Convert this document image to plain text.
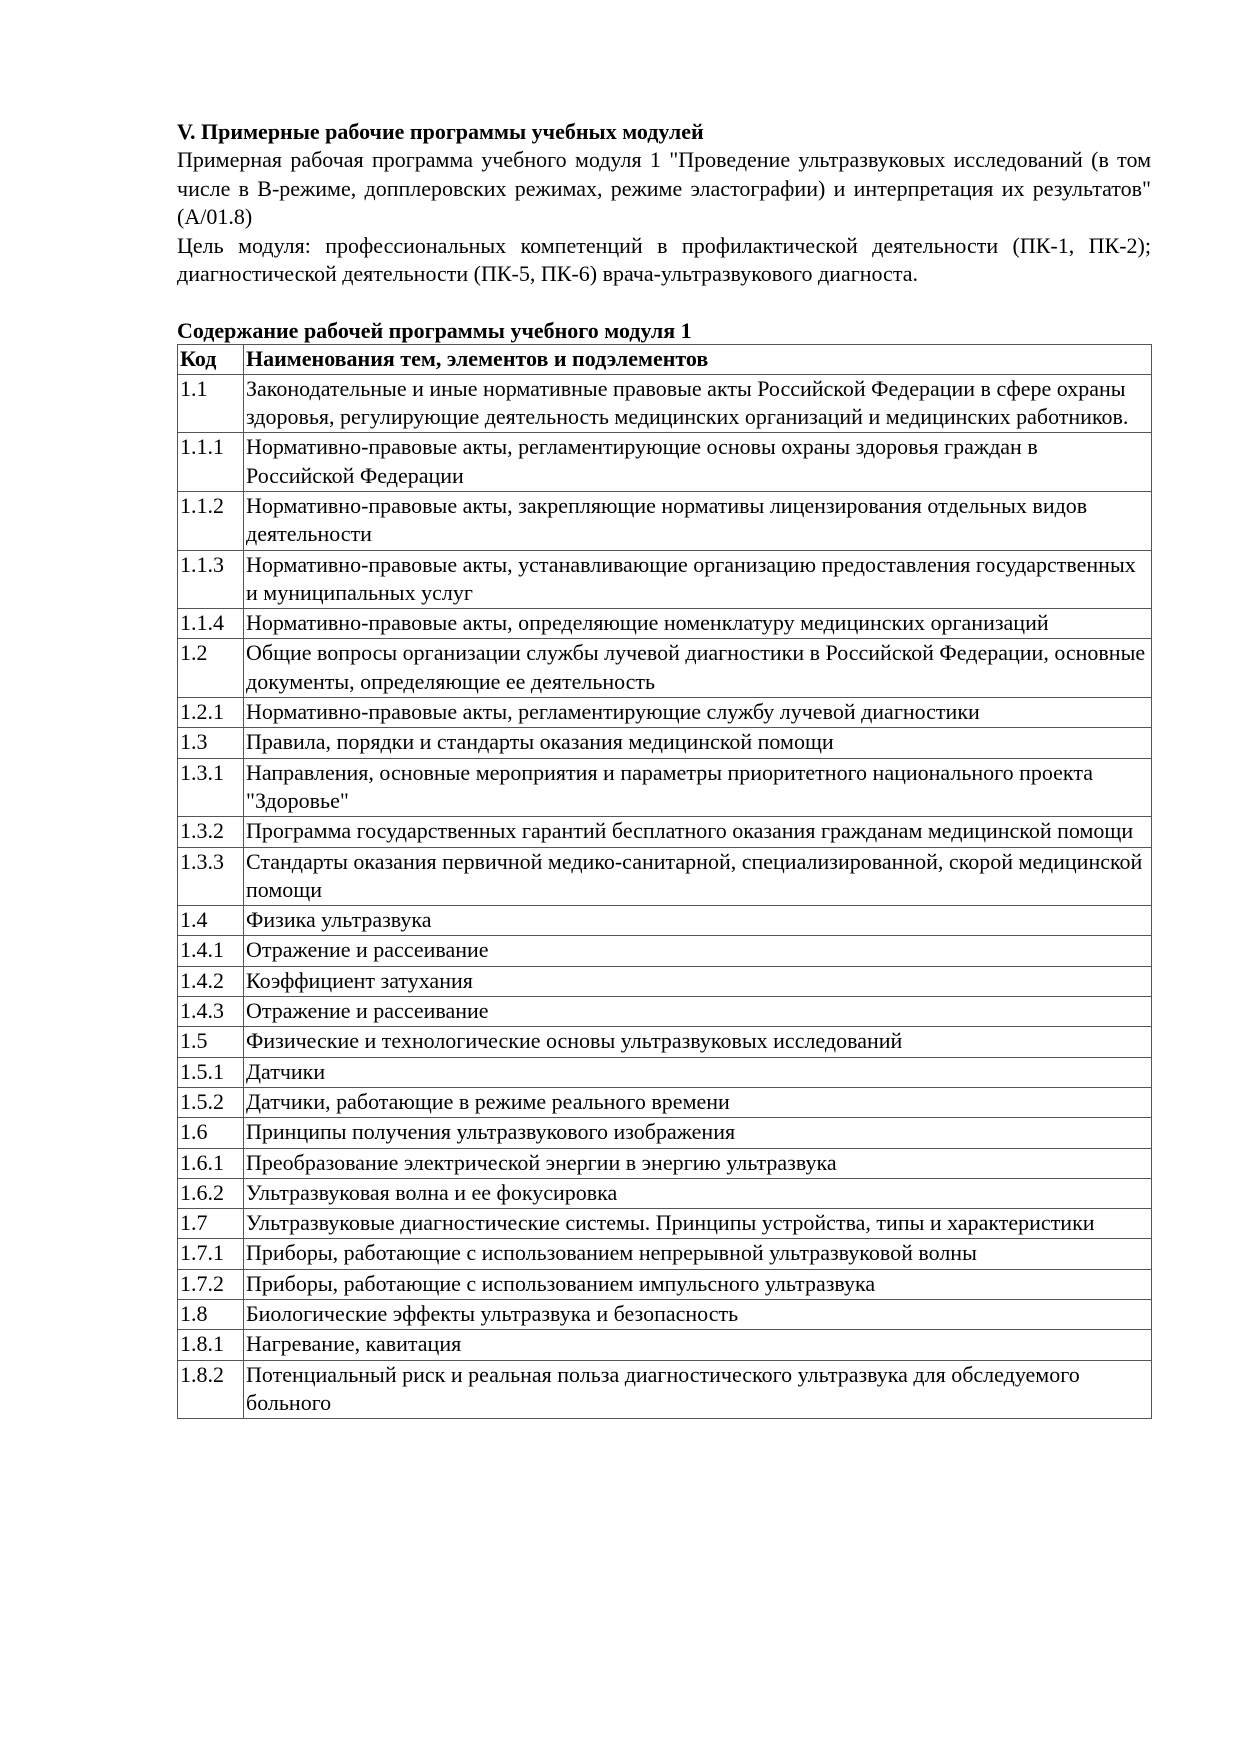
V. Примерные рабочие программы учебных модулей

Примерная рабочая программа учебного модуля 1 "Проведение ультразвуковых исследований (в том числе в В-режиме, допплеровских режимах, режиме эластографии) и интерпретация их результатов" (А/01.8)

Цель модуля: профессиональных компетенций в профилактической деятельности (ПК-1, ПК-2); диагностической деятельности (ПК-5, ПК-6) врача-ультразвукового диагноста.

Содержание рабочей программы учебного модуля 1

Код	Наименования тем, элементов и подэлементов
1.1	Законодательные и иные нормативные правовые акты Российской Федерации в сфере охраны здоровья, регулирующие деятельность медицинских организаций и медицинских работников.
1.1.1	Нормативно-правовые акты, регламентирующие основы охраны здоровья граждан в Российской Федерации
1.1.2	Нормативно-правовые акты, закрепляющие нормативы лицензирования отдельных видов деятельности
1.1.3	Нормативно-правовые акты, устанавливающие организацию предоставления государственных и муниципальных услуг
1.1.4	Нормативно-правовые акты, определяющие номенклатуру медицинских организаций
1.2	Общие вопросы организации службы лучевой диагностики в Российской Федерации, основные документы, определяющие ее деятельность
1.2.1	Нормативно-правовые акты, регламентирующие службу лучевой диагностики
1.3	Правила, порядки и стандарты оказания медицинской помощи
1.3.1	Направления, основные мероприятия и параметры приоритетного национального проекта "Здоровье"
1.3.2	Программа государственных гарантий бесплатного оказания гражданам медицинской помощи
1.3.3	Стандарты оказания первичной медико-санитарной, специализированной, скорой медицинской помощи
1.4	Физика ультразвука
1.4.1	Отражение и рассеивание
1.4.2	Коэффициент затухания
1.4.3	Отражение и рассеивание
1.5	Физические и технологические основы ультразвуковых исследований
1.5.1	Датчики
1.5.2	Датчики, работающие в режиме реального времени
1.6	Принципы получения ультразвукового изображения
1.6.1	Преобразование электрической энергии в энергию ультразвука
1.6.2	Ультразвуковая волна и ее фокусировка
1.7	Ультразвуковые диагностические системы. Принципы устройства, типы и характеристики
1.7.1	Приборы, работающие с использованием непрерывной ультразвуковой волны
1.7.2	Приборы, работающие с использованием импульсного ультразвука
1.8	Биологические эффекты ультразвука и безопасность
1.8.1	Нагревание, кавитация
1.8.2	Потенциальный риск и реальная польза диагностического ультразвука для обследуемого больного
